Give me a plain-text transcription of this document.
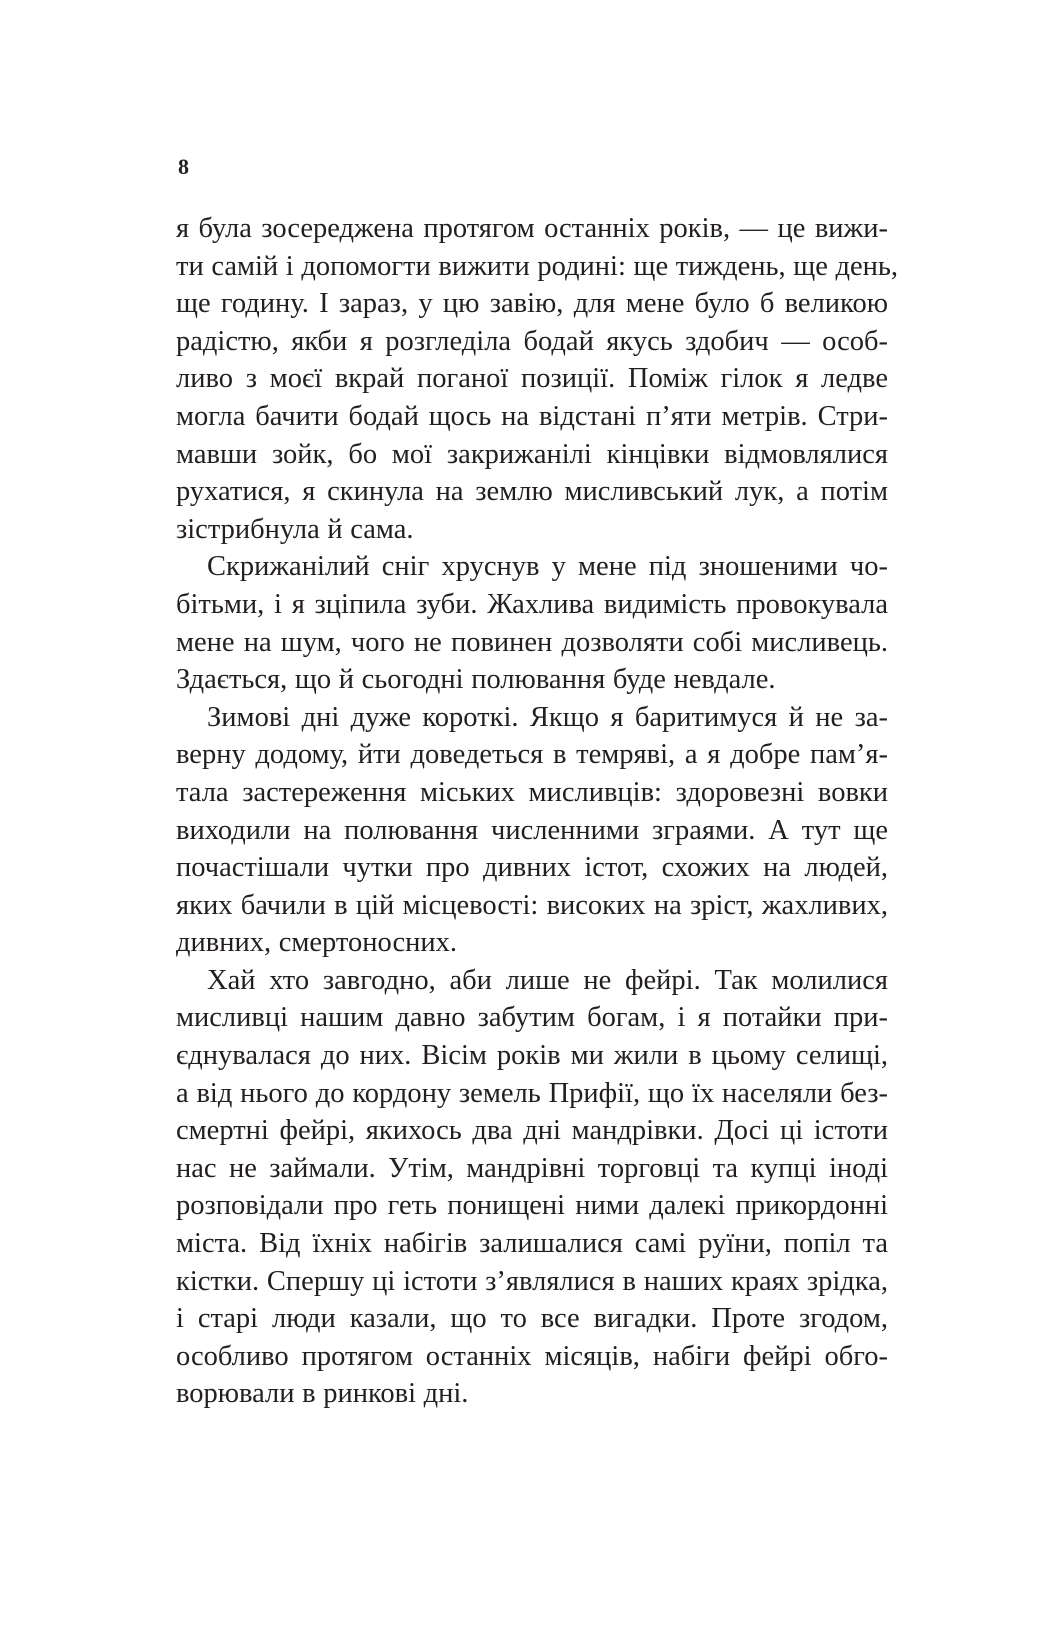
8

я була зосереджена протягом останніх років, — це вижи-
ти самій і допомогти вижити родині: ще тиждень, ще день,
ще годину. І зараз, у цю завію, для мене було б великою
радістю, якби я розгледіла бодай якусь здобич — особ-
ливо з моєї вкрай поганої позиції. Поміж гілок я ледве
могла бачити бодай щось на відстані п’яти метрів. Стри-
мавши зойк, бо мої закрижанілі кінцівки відмовлялися
рухатися, я скинула на землю мисливський лук, а потім
зістрибнула й сама.

Скрижанілий сніг хруснув у мене під зношеними чо-
бітьми, і я зціпила зуби. Жахлива видимість провокувала
мене на шум, чого не повинен дозволяти собі мисливець.
Здається, що й сьогодні полювання буде невдале.

Зимові дні дуже короткі. Якщо я баритимуся й не за-
верну додому, йти доведеться в темряві, а я добре пам’я-
тала застереження міських мисливців: здоровезні вовки
виходили на полювання численними зграями. А тут ще
почастішали чутки про дивних істот, схожих на людей,
яких бачили в цій місцевості: високих на зріст, жахливих,
дивних, смертоносних.

Хай хто завгодно, аби лише не фейрі. Так молилися
мисливці нашим давно забутим богам, і я потайки при-
єднувалася до них. Вісім років ми жили в цьому селищі,
а від нього до кордону земель Прифії, що їх населяли без-
смертні фейрі, якихось два дні мандрівки. Досі ці істоти
нас не займали. Утім, мандрівні торговці та купці іноді
розповідали про геть понищені ними далекі прикордонні
міста. Від їхніх набігів залишалися самі руїни, попіл та
кістки. Спершу ці істоти з’являлися в наших краях зрідка,
і старі люди казали, що то все вигадки. Проте згодом,
особливо протягом останніх місяців, набіги фейрі обго-
ворювали в ринкові дні.
